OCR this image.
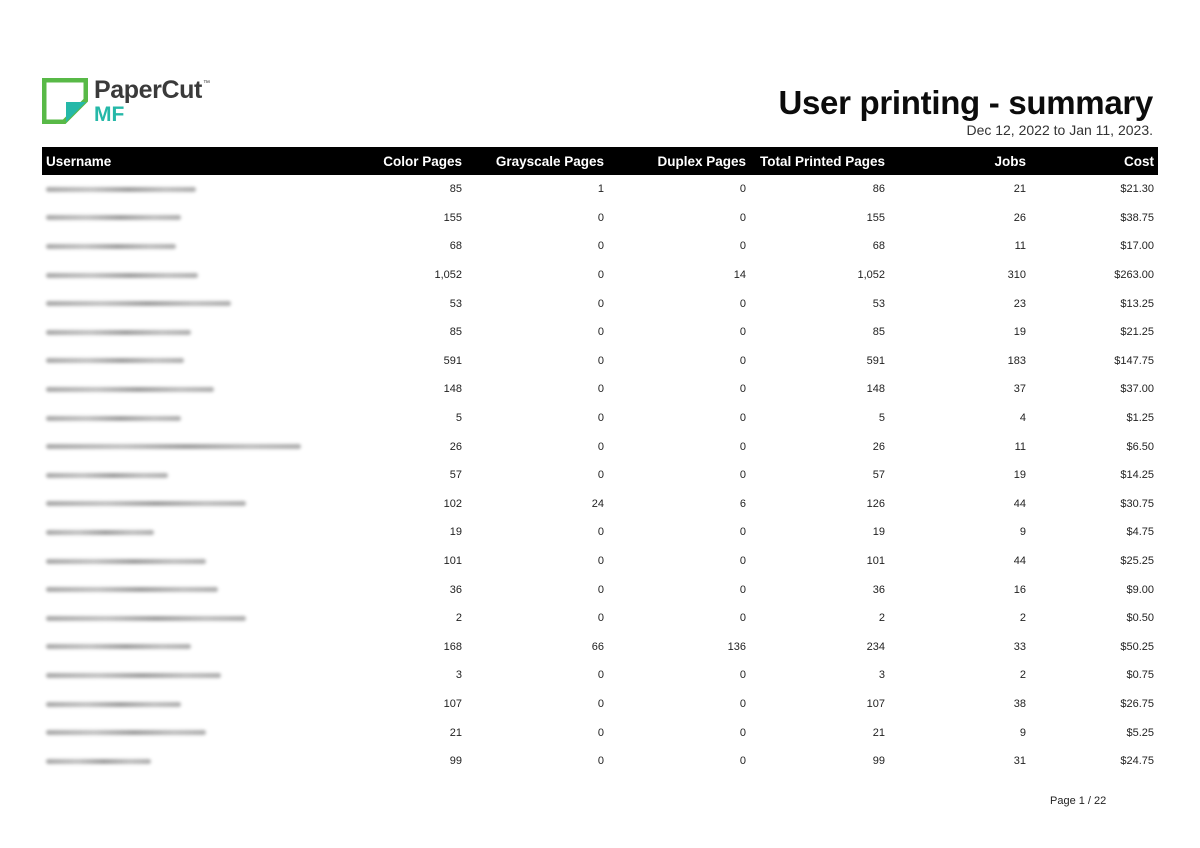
PaperCut ™
MF	User printing - summary
Dec 12, 2022 to Jan 11, 2023.
Username	Color Pages	Grayscale Pages	Duplex Pages	Total Printed Pages	Jobs	Cost
	85	1	0	86	21	$21.30
	155	0	0	155	26	$38.75
	68	0	0	68	11	$17.00
	1,052	0	14	1,052	310	$263.00
	53	0	0	53	23	$13.25
	85	0	0	85	19	$21.25
	591	0	0	591	183	$147.75
	148	0	0	148	37	$37.00
	5	0	0	5	4	$1.25
	26	0	0	26	11	$6.50
	57	0	0	57	19	$14.25
	102	24	6	126	44	$30.75
	19	0	0	19	9	$4.75
	101	0	0	101	44	$25.25
	36	0	0	36	16	$9.00
	2	0	0	2	2	$0.50
	168	66	136	234	33	$50.25
	3	0	0	3	2	$0.75
	107	0	0	107	38	$26.75
	21	0	0	21	9	$5.25
	99	0	0	99	31	$24.75
Page 1 / 22
